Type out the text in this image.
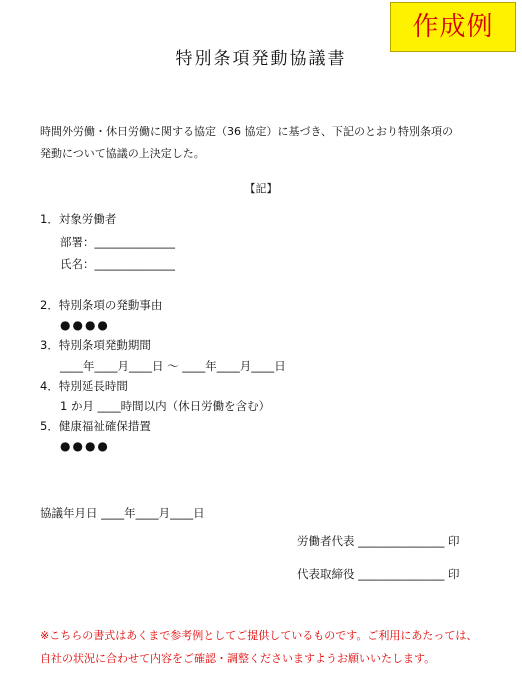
作成例
特別条項発動協議書
時間外労働・休日労働に関する協定（36 協定）に基づき、下記のとおり特別条項の
発動について協議の上決定した。
【記】
1．対象労働者
部署：______________
氏名：______________
2．特別条項の発動事由
●●●●
3．特別条項発動期間
____年____月____日 ～ ____年____月____日
4．特別延長時間
1 か月 ____時間以内（休日労働を含む）
5．健康福祉確保措置
●●●●
協議年月日 ____年____月____日
労働者代表 _______________ 印
代表取締役 _______________ 印
※こちらの書式はあくまで参考例としてご提供しているものです。ご利用にあたっては、
自社の状況に合わせて内容をご確認・調整くださいますようお願いいたします。
